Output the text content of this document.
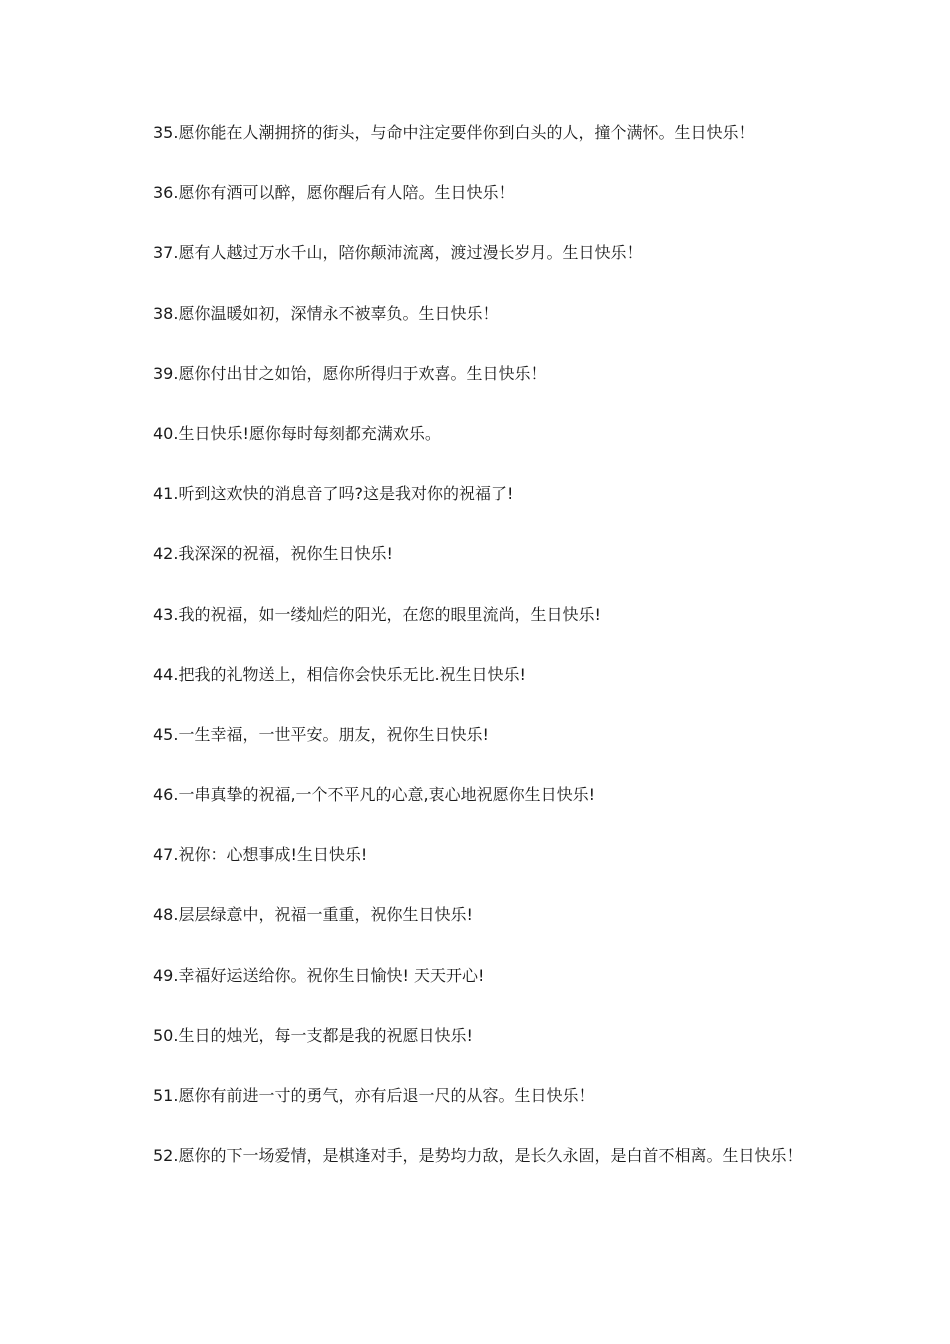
35.愿你能在人潮拥挤的街头，与命中注定要伴你到白头的人，撞个满怀。生日快乐！
36.愿你有酒可以醉，愿你醒后有人陪。生日快乐！
37.愿有人越过万水千山，陪你颠沛流离，渡过漫长岁月。生日快乐！
38.愿你温暖如初，深情永不被辜负。生日快乐！
39.愿你付出甘之如饴，愿你所得归于欢喜。生日快乐！
40.生日快乐!愿你每时每刻都充满欢乐。
41.听到这欢快的消息音了吗?这是我对你的祝福了!
42.我深深的祝福，祝你生日快乐!
43.我的祝福，如一缕灿烂的阳光，在您的眼里流尚，生日快乐!
44.把我的礼物送上，相信你会快乐无比.祝生日快乐!
45.一生幸福，一世平安。朋友，祝你生日快乐!
46.一串真挚的祝福,一个不平凡的心意,衷心地祝愿你生日快乐!
47.祝你：心想事成!生日快乐!
48.层层绿意中，祝福一重重，祝你生日快乐!
49.幸福好运送给你。祝你生日愉快! 天天开心!
50.生日的烛光，每一支都是我的祝愿日快乐!
51.愿你有前进一寸的勇气，亦有后退一尺的从容。生日快乐！
52.愿你的下一场爱情，是棋逢对手，是势均力敌，是长久永固，是白首不相离。生日快乐！
